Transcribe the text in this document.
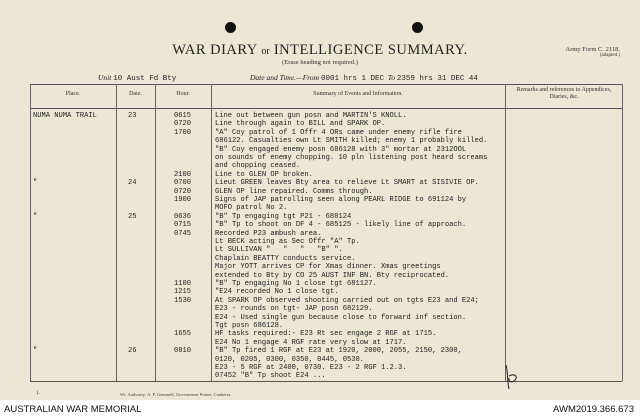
WAR DIARY or INTELLIGENCE SUMMARY.
(Erase heading not required.)
Army Form C. 2118.
(adapted.)
Unit 10 Aust Fd Bty	Date and Time.—From 0001 hrs 1 DEC To 2359 hrs 31 DEC 44
Place.	Date.	Hour.	Summary of Events and Information.
Remarks and references to Appendices, Diaries, &c.
NUMA NUMA TRAIL	23	0615	Line out between gun posn and MARTIN'S KNOLL.
0720	Line through again to BILL and SPARK OP.
1700	"A" Coy patrol of 1 Offr 4 ORs came under enemy rifle fire
686122. Casualties own Lt SMITH killed; enemy 1 probably killed.
"B" Coy engaged enemy posn 686128 with 3" mortar at 2312OOL
on sounds of enemy chopping. 10 pln listening post heard screams
and chopping ceased.
2100	Line to GLEN OP broken.
"	24	0700	Lieut GREEN leaves Bty area to relieve Lt SMART at SISIVIE OP.
0720	GLEN OP line repaired. Comms through.
1900	Signs of JAP patrolling seen along PEARL RIDGE to 691124 by
MOFO patrol No 2.
"	25	0636	"B" Tp engaging tgt P21 - 688124
0715	"B" Tp to shoot on DF 4 - 685125 - likely line of approach.
0745	Recorded P23 ambush area.
Lt BECK acting as Sec Offr "A" Tp.
Lt SULLIVAN "   "   "   "B" ".
Chaplain BEATTY conducts service.
Major YOTT arrives CP for Xmas dinner. Xmas greetings
extended to Bty by CO 25 AUST INF BN. Bty reciprocated.
1100	"B" Tp engaging No 1 close tgt 681127.
1215	"E24 recorded No 1 close tgt.
1530	At SPARK OP observed shooting carried out on tgts E23 and E24;
E23 - rounds on tgt- JAP posn 682129.
E24 - Used single gun because close to forward inf section.
Tgt posn 686128.
1655	HF tasks required:- E23 Rt sec engage 2 RGF at 1715.
E24 No 1 engage 4 RGF rate very slow at 1717.
"	26	0810	"B" Tp fired 1 RGF at E23 at 1920, 2000, 2055, 2150, 2300,
0120, 0205, 0300, 0350, 0445, 0530.
E23 - 5 RGF at 2400, 0730. E23 - 2 RGF 1.2.3.
07452 "B" Tp shoot E24 ...
1.	Wt. Authority: A. P. Gemmell, Government Printer, Canberra.
AUSTRALIAN WAR MEMORIAL	AWM2019.366.673
